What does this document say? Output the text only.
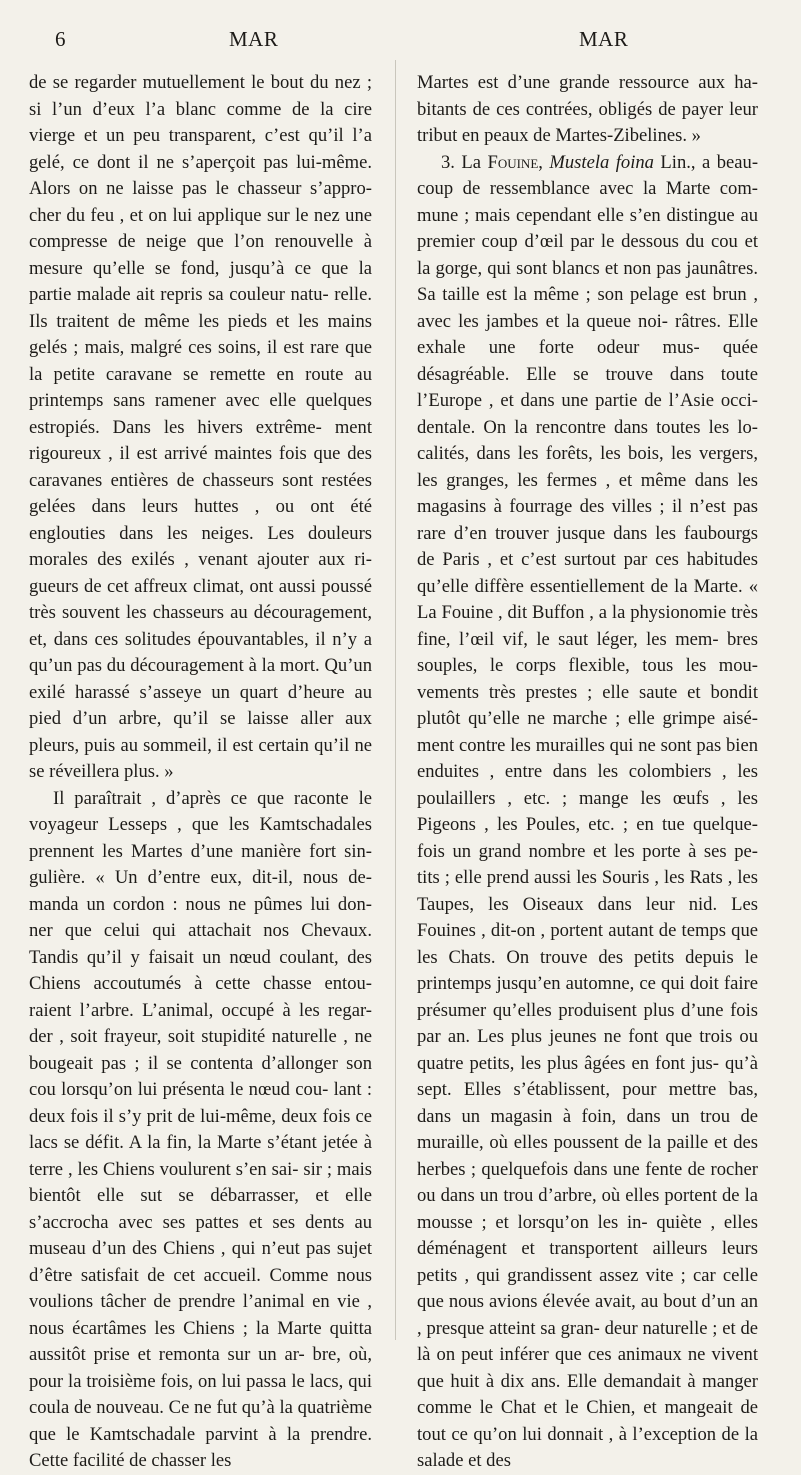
6	MAR	MAR

de se regarder mutuellement le bout du nez ; si l’un d’eux l’a blanc comme de la cire vierge et un peu transparent, c’est qu’il l’a gelé, ce dont il ne s’aperçoit pas lui-même. Alors on ne laisse pas le chasseur s’appro- cher du feu , et on lui applique sur le nez une compresse de neige que l’on renouvelle à mesure qu’elle se fond, jusqu’à ce que la partie malade ait repris sa couleur natu- relle. Ils traitent de même les pieds et les mains gelés ; mais, malgré ces soins, il est rare que la petite caravane se remette en route au printemps sans ramener avec elle quelques estropiés. Dans les hivers extrême- ment rigoureux , il est arrivé maintes fois que des caravanes entières de chasseurs sont restées gelées dans leurs huttes , ou ont été englouties dans les neiges. Les douleurs morales des exilés , venant ajouter aux ri- gueurs de cet affreux climat, ont aussi poussé très souvent les chasseurs au découragement, et, dans ces solitudes épouvantables, il n’y a qu’un pas du découragement à la mort. Qu’un exilé harassé s’asseye un quart d’heure au pied d’un arbre, qu’il se laisse aller aux pleurs, puis au sommeil, il est certain qu’il ne se réveillera plus. »

Il paraîtrait , d’après ce que raconte le voyageur Lesseps , que les Kamtschadales prennent les Martes d’une manière fort sin- gulière. « Un d’entre eux, dit-il, nous de- manda un cordon : nous ne pûmes lui don- ner que celui qui attachait nos Chevaux. Tandis qu’il y faisait un nœud coulant, des Chiens accoutumés à cette chasse entou- raient l’arbre. L’animal, occupé à les regar- der , soit frayeur, soit stupidité naturelle , ne bougeait pas ; il se contenta d’allonger son cou lorsqu’on lui présenta le nœud cou- lant : deux fois il s’y prit de lui-même, deux fois ce lacs se défit. A la fin, la Marte s’étant jetée à terre , les Chiens voulurent s’en sai- sir ; mais bientôt elle sut se débarrasser, et elle s’accrocha avec ses pattes et ses dents au museau d’un des Chiens , qui n’eut pas sujet d’être satisfait de cet accueil. Comme nous voulions tâcher de prendre l’animal en vie , nous écartâmes les Chiens ; la Marte quitta aussitôt prise et remonta sur un ar- bre, où, pour la troisième fois, on lui passa le lacs, qui coula de nouveau. Ce ne fut qu’à la quatrième que le Kamtschadale parvint à la prendre. Cette facilité de chasser les

Martes est d’une grande ressource aux ha- bitants de ces contrées, obligés de payer leur tribut en peaux de Martes-Zibelines. »

3. La Fouine, Mustela foina Lin., a beau- coup de ressemblance avec la Marte com- mune ; mais cependant elle s’en distingue au premier coup d’œil par le dessous du cou et la gorge, qui sont blancs et non pas jaunâtres. Sa taille est la même ; son pelage est brun , avec les jambes et la queue noi- râtres. Elle exhale une forte odeur mus- quée désagréable. Elle se trouve dans toute l’Europe , et dans une partie de l’Asie occi- dentale. On la rencontre dans toutes les lo- calités, dans les forêts, les bois, les vergers, les granges, les fermes , et même dans les magasins à fourrage des villes ; il n’est pas rare d’en trouver jusque dans les faubourgs de Paris , et c’est surtout par ces habitudes qu’elle diffère essentiellement de la Marte. « La Fouine , dit Buffon , a la physionomie très fine, l’œil vif, le saut léger, les mem- bres souples, le corps flexible, tous les mou- vements très prestes ; elle saute et bondit plutôt qu’elle ne marche ; elle grimpe aisé- ment contre les murailles qui ne sont pas bien enduites , entre dans les colombiers , les poulaillers , etc. ; mange les œufs , les Pigeons , les Poules, etc. ; en tue quelque- fois un grand nombre et les porte à ses pe- tits ; elle prend aussi les Souris , les Rats , les Taupes, les Oiseaux dans leur nid. Les Fouines , dit-on , portent autant de temps que les Chats. On trouve des petits depuis le printemps jusqu’en automne, ce qui doit faire présumer qu’elles produisent plus d’une fois par an. Les plus jeunes ne font que trois ou quatre petits, les plus âgées en font jus- qu’à sept. Elles s’établissent, pour mettre bas, dans un magasin à foin, dans un trou de muraille, où elles poussent de la paille et des herbes ; quelquefois dans une fente de rocher ou dans un trou d’arbre, où elles portent de la mousse ; et lorsqu’on les in- quiète , elles déménagent et transportent ailleurs leurs petits , qui grandissent assez vite ; car celle que nous avions élevée avait, au bout d’un an , presque atteint sa gran- deur naturelle ; et de là on peut inférer que ces animaux ne vivent que huit à dix ans. Elle demandait à manger comme le Chat et le Chien, et mangeait de tout ce qu’on lui donnait , à l’exception de la salade et des
